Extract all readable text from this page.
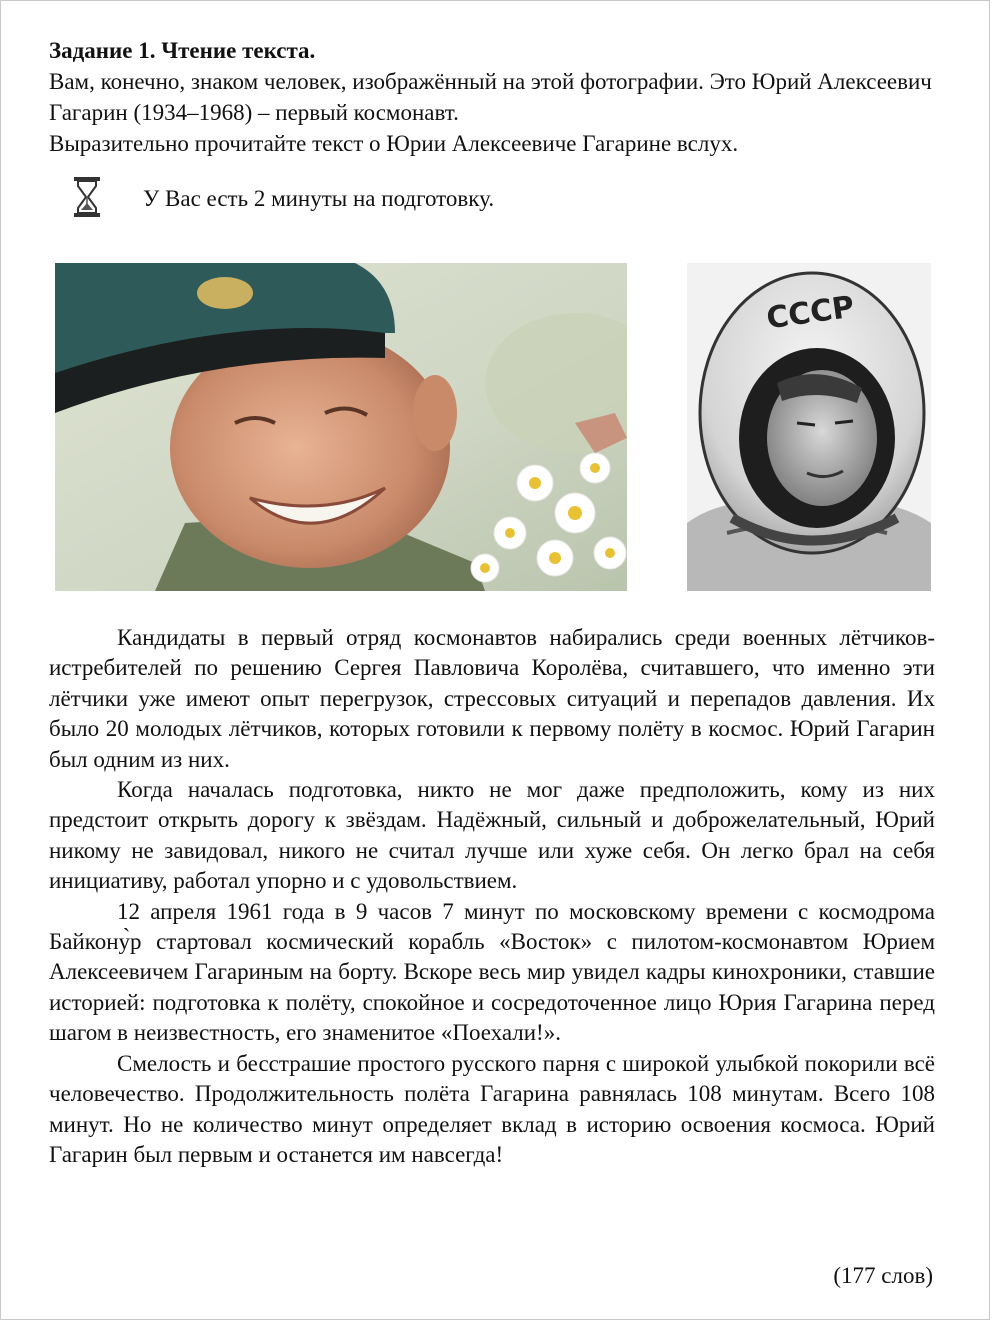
Задание 1. Чтение текста.
Вам, конечно, знаком человек, изображённый на этой фотографии. Это Юрий Алексеевич Гагарин (1934–1968) – первый космонавт.
Выразительно прочитайте текст о Юрии Алексеевиче Гагарине вслух.
У Вас есть 2 минуты на подготовку.
СССР

Кандидаты в первый отряд космонавтов набирались среди военных лётчиков-истребителей по решению Сергея Павловича Королёва, считавшего, что именно эти лётчики уже имеют опыт перегрузок, стрессовых ситуаций и перепадов давления. Их было 20 молодых лётчиков, которых готовили к первому полёту в космос. Юрий Гагарин был одним из них.

Когда началась подготовка, никто не мог даже предположить, кому из них предстоит открыть дорогу к звёздам. Надёжный, сильный и доброжелательный, Юрий никому не завидовал, никого не считал лучше или хуже себя. Он легко брал на себя инициативу, работал упорно и с удовольствием.

12 апреля 1961 года в 9 часов 7 минут по московскому времени с космодрома Байкону̀р стартовал космический корабль «Восток» с пилотом-космонавтом Юрием Алексеевичем Гагариным на борту. Вскоре весь мир увидел кадры кинохроники, ставшие историей: подготовка к полёту, спокойное и сосредоточенное лицо Юрия Гагарина перед шагом в неизвестность, его знаменитое «Поехали!».

Смелость и бесстрашие простого русского парня с широкой улыбкой покорили всё человечество. Продолжительность полёта Гагарина равнялась 108 минутам. Всего 108 минут. Но не количество минут определяет вклад в историю освоения космоса. Юрий Гагарин был первым и останется им навсегда!

(177 слов)
